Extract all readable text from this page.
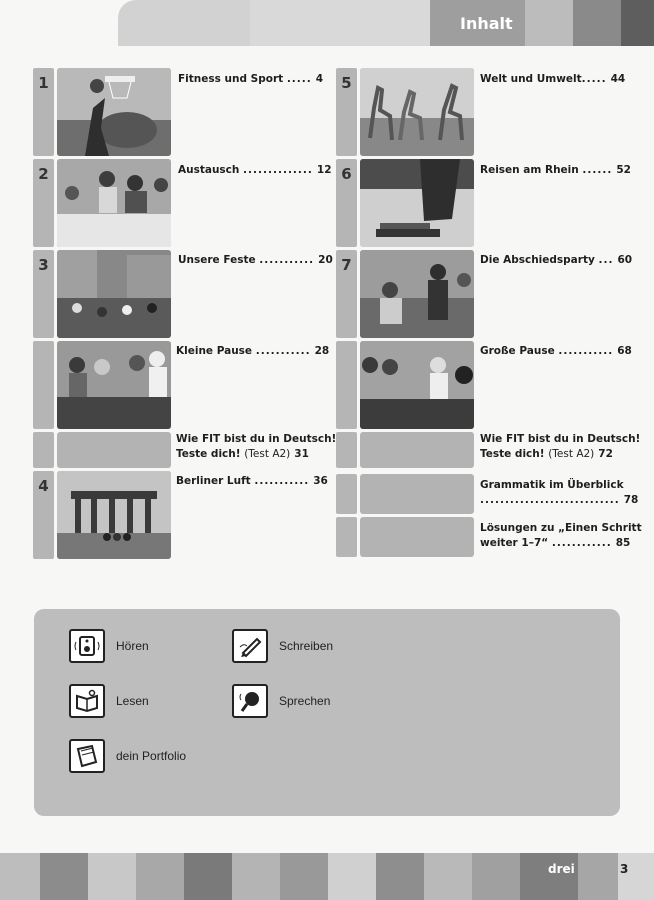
Inhalt
1	Fitness und Sport ..... 4
2	Austausch .............. 12
3	Unsere Feste ........... 20
Kleine Pause ........... 28
Wie FIT bist du in Deutsch!
Teste dich! (Test A2) 31
4	Berliner Luft ........... 36
5	Welt und Umwelt..... 44
6	Reisen am Rhein ...... 52
7	Die Abschiedsparty ... 60
Große Pause ........... 68
Wie FIT bist du in Deutsch!
Teste dich! (Test A2) 72
Grammatik im Überblick
............................ 78
Lösungen zu „Einen Schritt
weiter 1–7“ ............ 85
Hören	Schreiben
Lesen	Sprechen
dein Portfolio
drei	3
